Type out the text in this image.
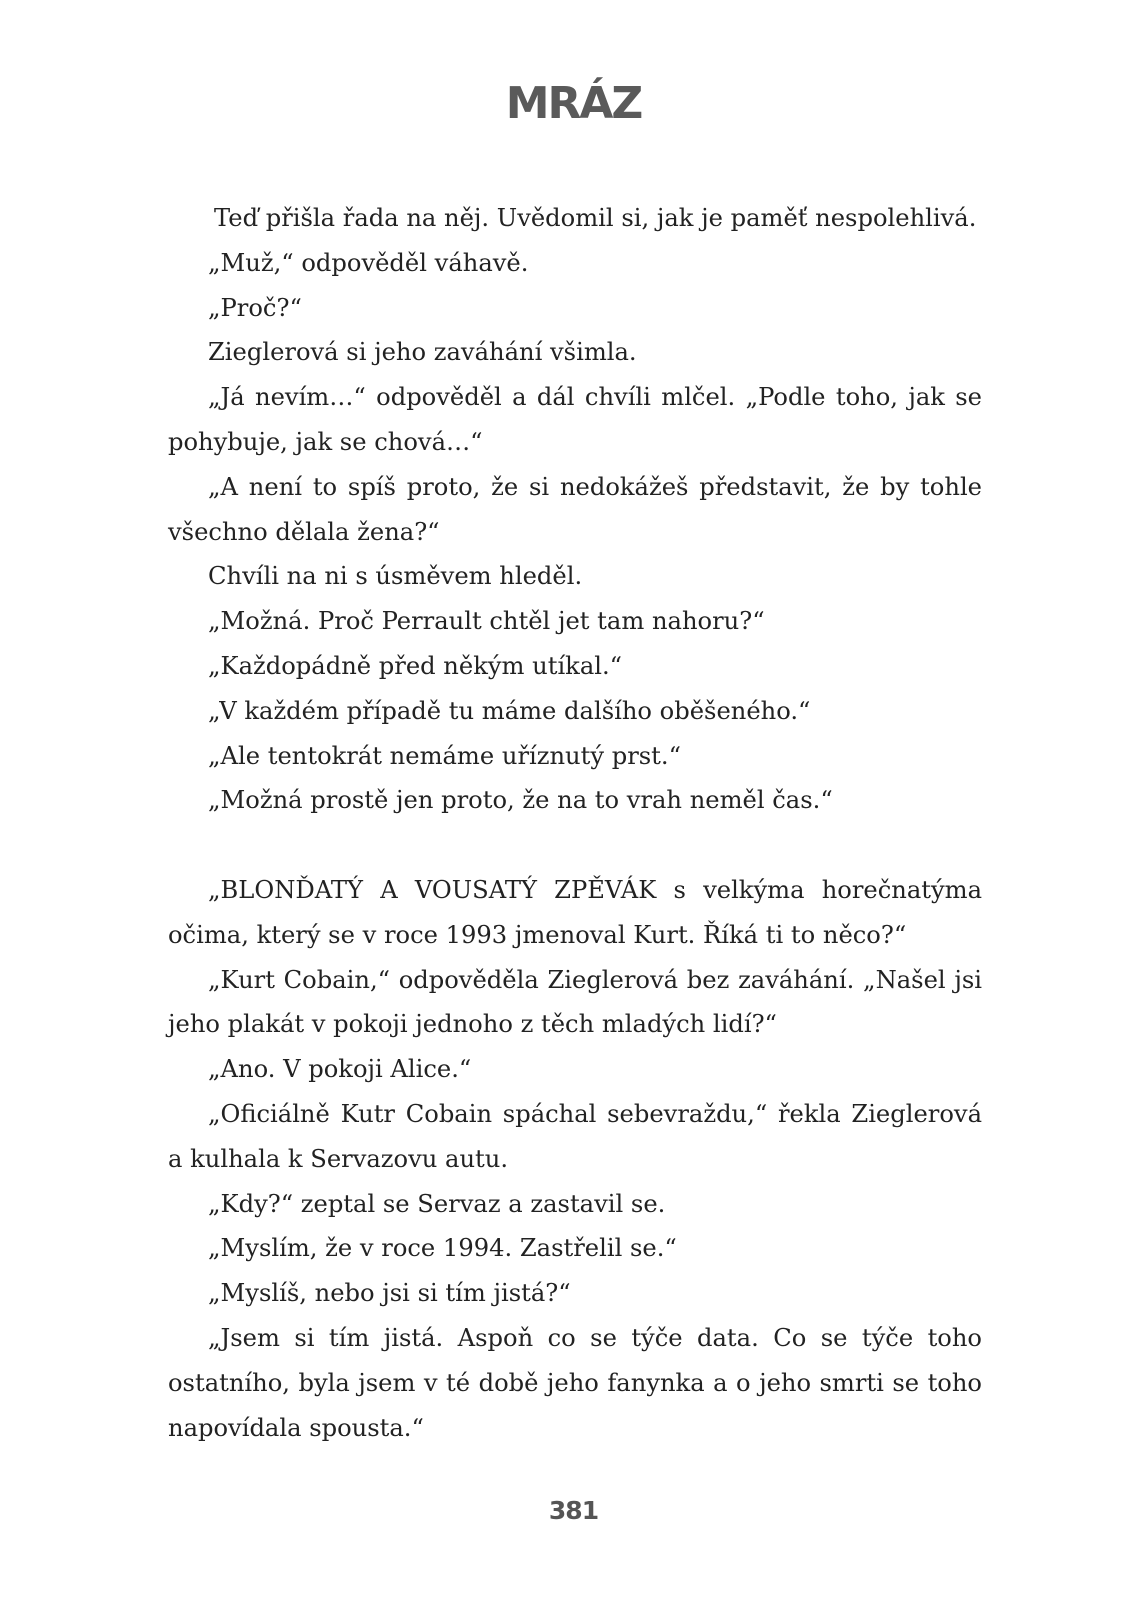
MRÁZ

Teď přišla řada na něj. Uvědomil si, jak je paměť nespolehlivá.

„Muž,“ odpověděl váhavě.

„Proč?“

Zieglerová si jeho zaváhání všimla.

„Já nevím…“ odpověděl a dál chvíli mlčel. „Podle toho, jak se pohybuje, jak se chová…“

„A není to spíš proto, že si nedokážeš představit, že by tohle všechno dělala žena?“

Chvíli na ni s úsměvem hleděl.

„Možná. Proč Perrault chtěl jet tam nahoru?“

„Každopádně před někým utíkal.“

„V každém případě tu máme dalšího oběšeného.“

„Ale tentokrát nemáme uříznutý prst.“

„Možná prostě jen proto, že na to vrah neměl čas.“

„BLONĎATÝ A VOUSATÝ ZPĚVÁK s velkýma horečnatýma očima, který se v roce 1993 jmenoval Kurt. Říká ti to něco?“

„Kurt Cobain,“ odpověděla Zieglerová bez zaváhání. „Našel jsi jeho plakát v pokoji jednoho z těch mladých lidí?“

„Ano. V pokoji Alice.“

„Oficiálně Kutr Cobain spáchal sebevraždu,“ řekla Zieglerová a kulhala k Servazovu autu.

„Kdy?“ zeptal se Servaz a zastavil se.

„Myslím, že v roce 1994. Zastřelil se.“

„Myslíš, nebo jsi si tím jistá?“

„Jsem si tím jistá. Aspoň co se týče data. Co se týče toho ostatního, byla jsem v té době jeho fanynka a o jeho smrti se toho napovídala spousta.“

381
